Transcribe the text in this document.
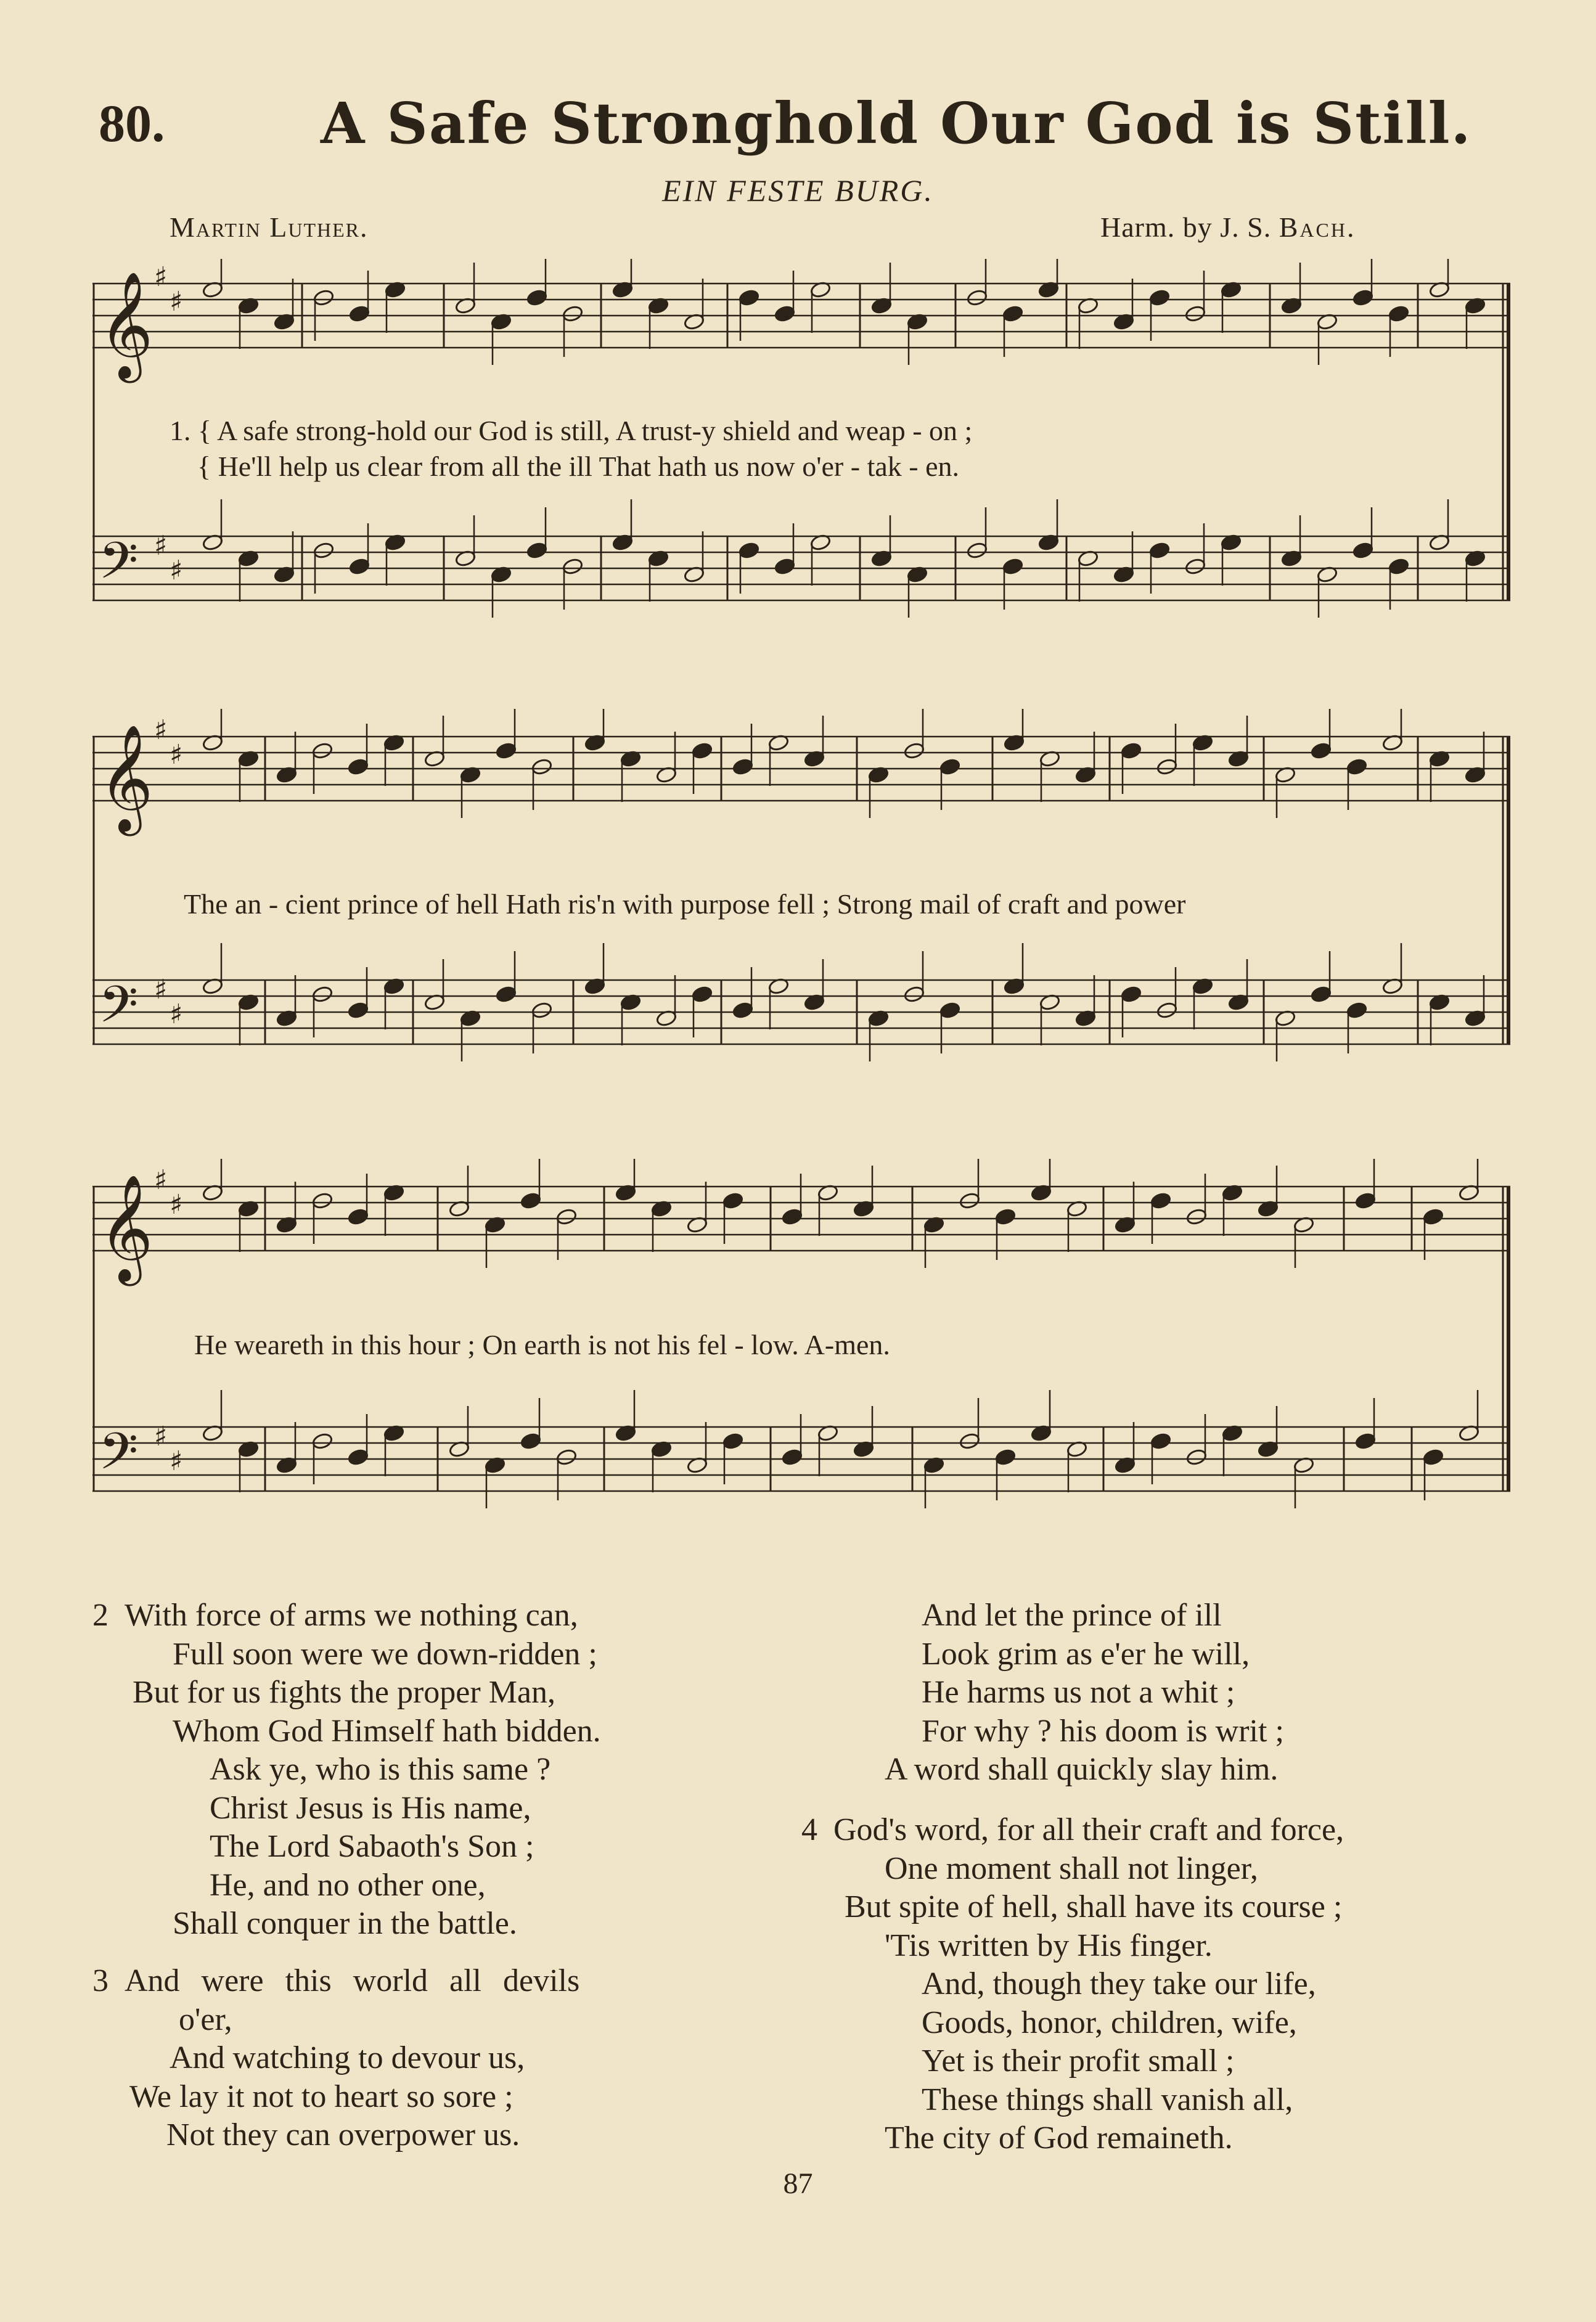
80.	A Safe Stronghold Our God is Still.
EIN FESTE BURG.
Martin Luther.	Harm. by J. S. Bach.
𝄞 ♯
♯
𝄢 ♯
♯
1. { A safe strong-hold our God is still, A trust-y shield and weap - on ;
{ He'll help us clear from all the ill That hath us now o'er - tak - en.
𝄞 ♯
♯
𝄢 ♯
♯
The an - cient prince of hell Hath ris'n with purpose fell ; Strong mail of craft and power
𝄞 ♯
♯
𝄢 ♯
♯
He weareth in this hour ; On earth is not his fel - low. A-men.
2 With force of arms we nothing can,
Full soon were we down-ridden ;
But for us fights the proper Man,
Whom God Himself hath bidden.
Ask ye, who is this same ?
Christ Jesus is His name,
The Lord Sabaoth's Son ;
He, and no other one,
Shall conquer in the battle.
3 And were this world all devils
o'er,
And watching to devour us,
We lay it not to heart so sore ;
Not they can overpower us.
And let the prince of ill
Look grim as e'er he will,
He harms us not a whit ;
For why ? his doom is writ ;
A word shall quickly slay him.
4 God's word, for all their craft and force,
One moment shall not linger,
But spite of hell, shall have its course ;
'Tis written by His finger.
And, though they take our life,
Goods, honor, children, wife,
Yet is their profit small ;
These things shall vanish all,
The city of God remaineth.
87
